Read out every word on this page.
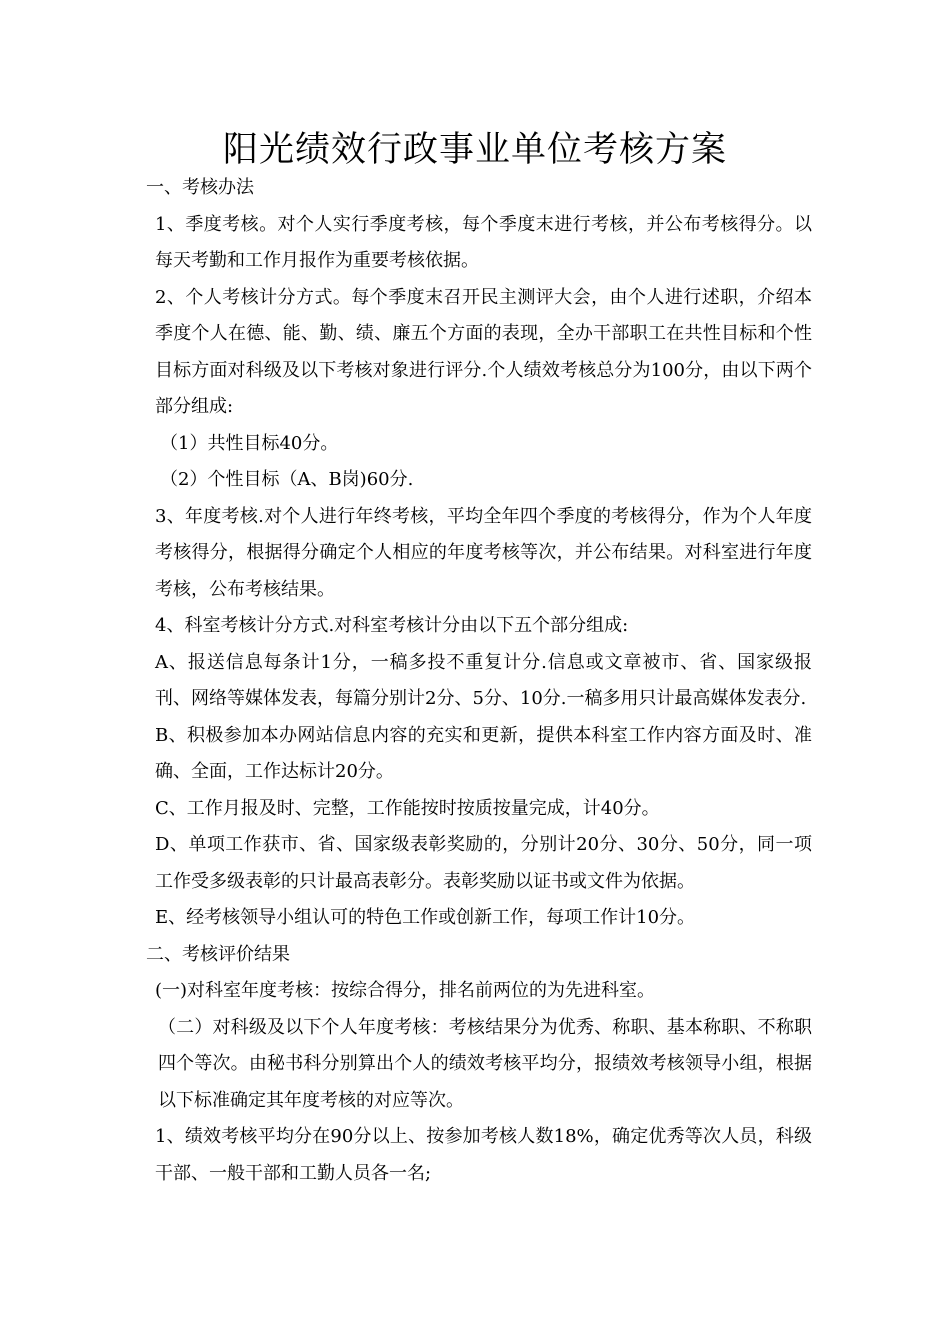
阳光绩效行政事业单位考核方案

一、考核办法

1、季度考核。对个人实行季度考核，每个季度末进行考核，并公布考核得分。以每天考勤和工作月报作为重要考核依据。

2、个人考核计分方式。每个季度末召开民主测评大会，由个人进行述职，介绍本季度个人在德、能、勤、绩、廉五个方面的表现，全办干部职工在共性目标和个性目标方面对科级及以下考核对象进行评分.个人绩效考核总分为100分，由以下两个部分组成:

（1）共性目标40分。

（2）个性目标（A、B岗)60分.

3、年度考核.对个人进行年终考核，平均全年四个季度的考核得分，作为个人年度考核得分，根据得分确定个人相应的年度考核等次，并公布结果。对科室进行年度考核，公布考核结果。

4、科室考核计分方式.对科室考核计分由以下五个部分组成:

A、报送信息每条计1分，一稿多投不重复计分.信息或文章被市、省、国家级报刊、网络等媒体发表，每篇分别计2分、5分、10分.一稿多用只计最高媒体发表分.

B、积极参加本办网站信息内容的充实和更新，提供本科室工作内容方面及时、准确、全面，工作达标计20分。

C、工作月报及时、完整，工作能按时按质按量完成，计40分。

D、单项工作获市、省、国家级表彰奖励的，分别计20分、30分、50分，同一项工作受多级表彰的只计最高表彰分。表彰奖励以证书或文件为依据。

E、经考核领导小组认可的特色工作或创新工作，每项工作计10分。

二、考核评价结果

(一)对科室年度考核：按综合得分，排名前两位的为先进科室。

（二）对科级及以下个人年度考核：考核结果分为优秀、称职、基本称职、不称职四个等次。由秘书科分别算出个人的绩效考核平均分，报绩效考核领导小组，根据以下标准确定其年度考核的对应等次。

1、绩效考核平均分在90分以上、按参加考核人数18%，确定优秀等次人员，科级干部、一般干部和工勤人员各一名;
